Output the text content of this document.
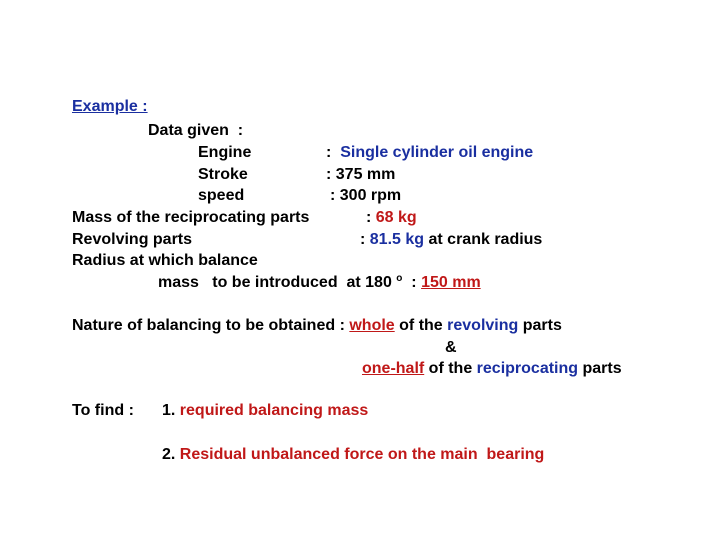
Example :
Data given  :
Engine	: Single cylinder oil engine
Stroke	: 375 mm
speed	: 300 rpm
Mass of the reciprocating parts	: 68 kg
Revolving parts	: 81.5 kg at crank radius
Radius at which balance
mass   to be introduced  at 180 $^o$ : 150 mm
Nature of balancing to be obtained : whole of the revolving parts
&
one-half of the reciprocating parts
To find : 1. required balancing mass
2. Residual unbalanced force on the main  bearing
